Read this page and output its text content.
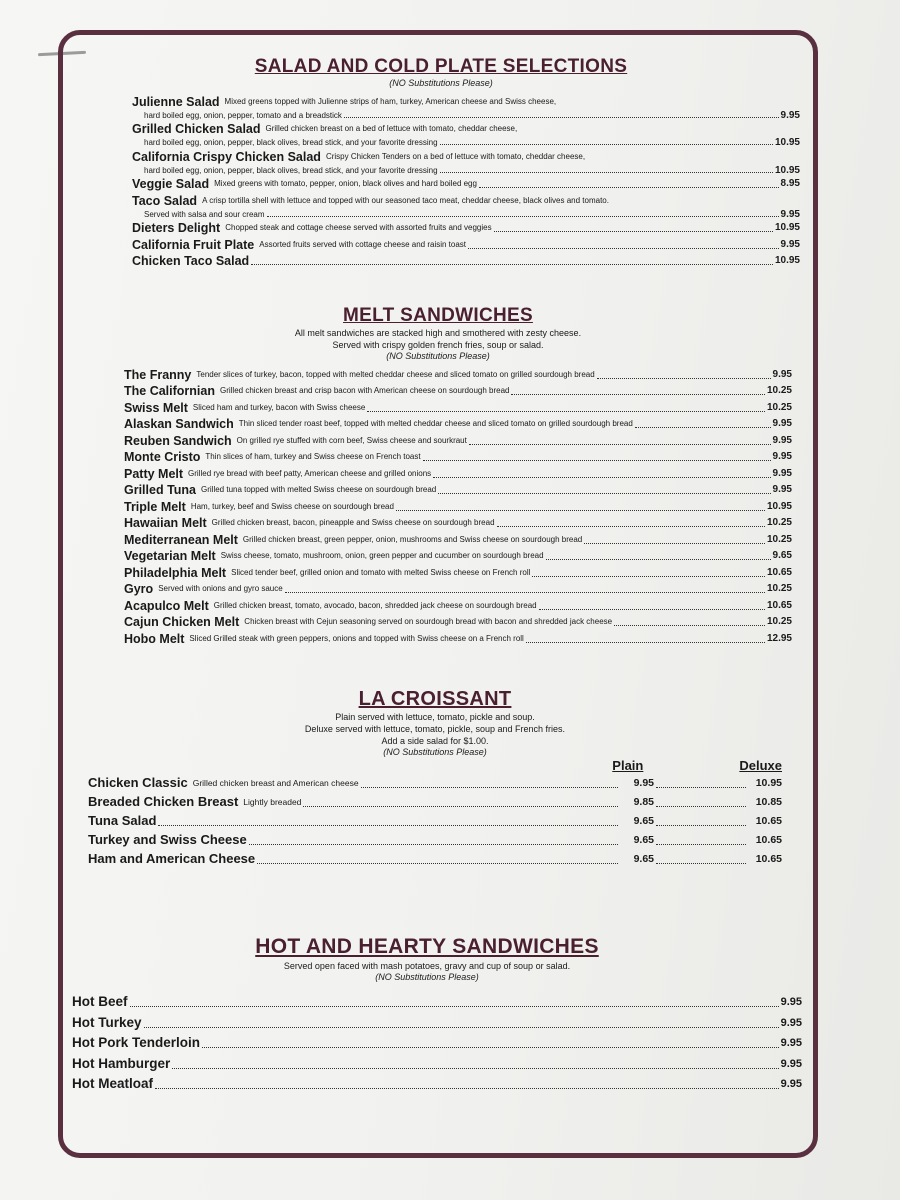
SALAD AND COLD PLATE SELECTIONS

(NO Substitutions Please)

Julienne Salad Mixed greens topped with Julienne strips of ham, turkey, American cheese and Swiss cheese,
hard boiled egg, onion, pepper, tomato and a breadstick	9.95
Grilled Chicken Salad Grilled chicken breast on a bed of lettuce with tomato, cheddar cheese,
hard boiled egg, onion, pepper, black olives, bread stick, and your favorite dressing	10.95
California Crispy Chicken Salad Crispy Chicken Tenders on a bed of lettuce with tomato, cheddar cheese,
hard boiled egg, onion, pepper, black olives, bread stick, and your favorite dressing	10.95
Veggie Salad Mixed greens with tomato, pepper, onion, black olives and hard boiled egg	8.95
Taco Salad A crisp tortilla shell with lettuce and topped with our seasoned taco meat, cheddar cheese, black olives and tomato.
Served with salsa and sour cream	9.95
Dieters Delight Chopped steak and cottage cheese served with assorted fruits and veggies	10.95
California Fruit Plate Assorted fruits served with cottage cheese and raisin toast	9.95
Chicken Taco Salad	10.95
MELT SANDWICHES

All melt sandwiches are stacked high and smothered with zesty cheese.

Served with crispy golden french fries, soup or salad.

(NO Substitutions Please)

The Franny Tender slices of turkey, bacon, topped with melted cheddar cheese and sliced tomato on grilled sourdough bread	9.95
The Californian Grilled chicken breast and crisp bacon with American cheese on sourdough bread	10.25
Swiss Melt Sliced ham and turkey, bacon with Swiss cheese	10.25
Alaskan Sandwich Thin sliced tender roast beef, topped with melted cheddar cheese and sliced tomato on grilled sourdough bread	9.95
Reuben Sandwich On grilled rye stuffed with corn beef, Swiss cheese and sourkraut	9.95
Monte Cristo Thin slices of ham, turkey and Swiss cheese on French toast	9.95
Patty Melt Grilled rye bread with beef patty, American cheese and grilled onions	9.95
Grilled Tuna Grilled tuna topped with melted Swiss cheese on sourdough bread	9.95
Triple Melt Ham, turkey, beef and Swiss cheese on sourdough bread	10.95
Hawaiian Melt Grilled chicken breast, bacon, pineapple and Swiss cheese on sourdough bread	10.25
Mediterranean Melt Grilled chicken breast, green pepper, onion, mushrooms and Swiss cheese on sourdough bread	10.25
Vegetarian Melt Swiss cheese, tomato, mushroom, onion, green pepper and cucumber on sourdough bread	9.65
Philadelphia Melt Sliced tender beef, grilled onion and tomato with melted Swiss cheese on French roll	10.65
Gyro Served with onions and gyro sauce	10.25
Acapulco Melt Grilled chicken breast, tomato, avocado, bacon, shredded jack cheese on sourdough bread	10.65
Cajun Chicken Melt Chicken breast with Cejun seasoning served on sourdough bread with bacon and shredded jack cheese	10.25
Hobo Melt Sliced Grilled steak with green peppers, onions and topped with Swiss cheese on a French roll	12.95
LA CROISSANT

Plain served with lettuce, tomato, pickle and soup.

Deluxe served with lettuce, tomato, pickle, soup and French fries.

Add a side salad for $1.00.

(NO Substitutions Please)

Plain	Deluxe
Chicken Classic Grilled chicken breast and American cheese	9.95	10.95
Breaded Chicken Breast Lightly breaded	9.85	10.85
Tuna Salad	9.65	10.65
Turkey and Swiss Cheese	9.65	10.65
Ham and American Cheese	9.65	10.65
HOT AND HEARTY SANDWICHES

Served open faced with mash potatoes, gravy and cup of soup or salad.

(NO Substitutions Please)

Hot Beef	9.95
Hot Turkey	9.95
Hot Pork Tenderloin	9.95
Hot Hamburger	9.95
Hot Meatloaf	9.95
